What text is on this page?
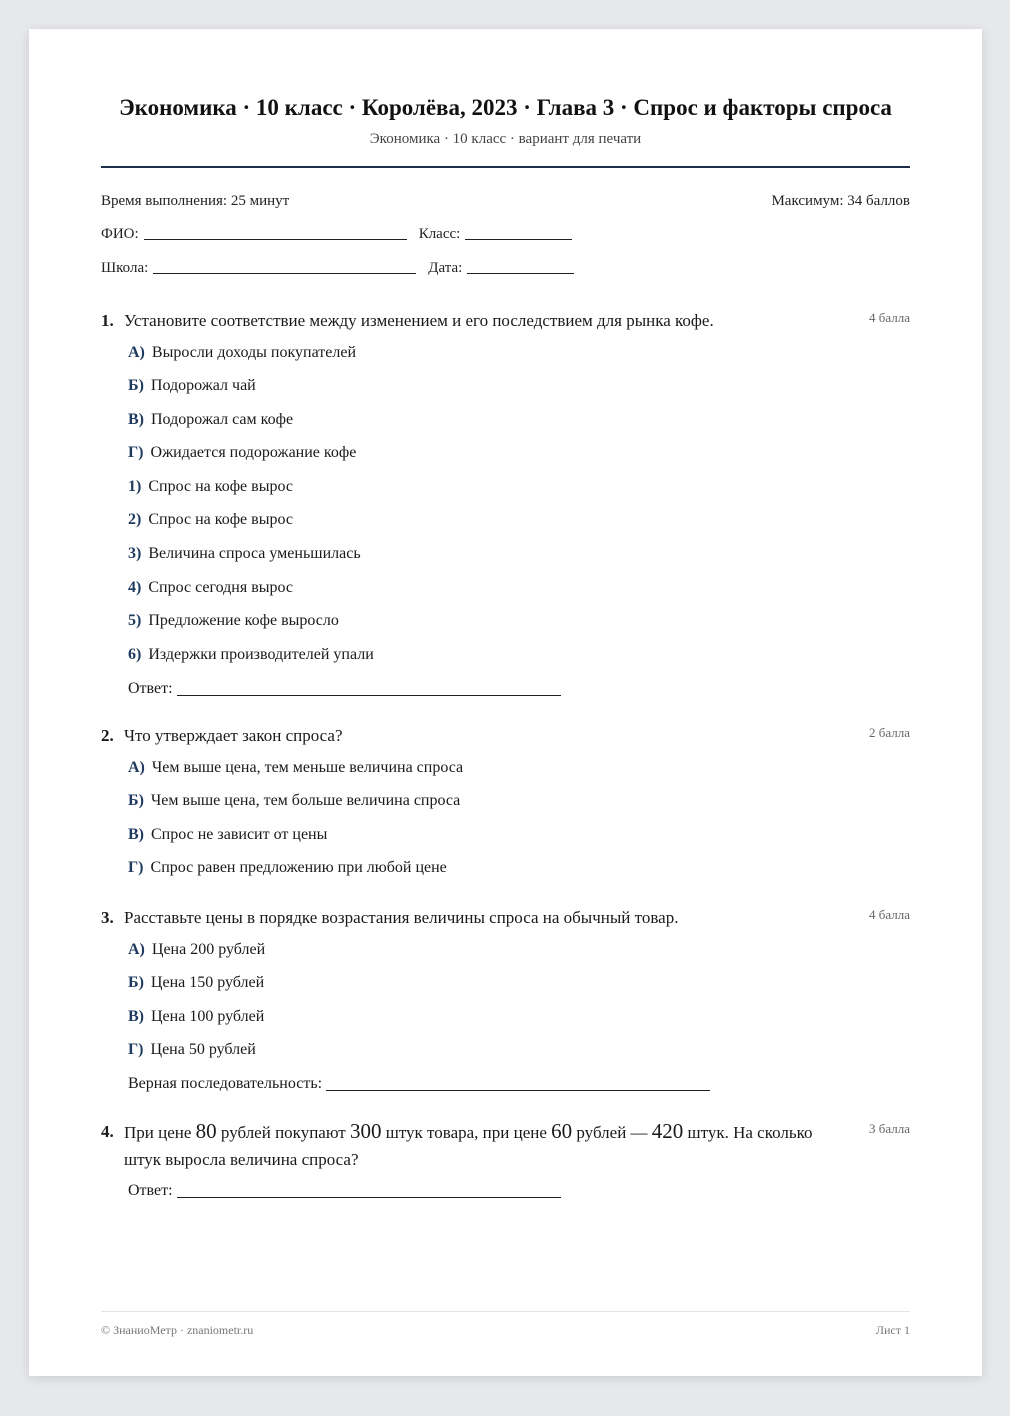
Экономика · 10 класс · Королёва, 2023 · Глава 3 · Спрос и факторы спроса
Экономика · 10 класс · вариант для печати
Время выполнения: 25 минут	Максимум: 34 баллов
ФИО:	Класс:
Школа:	Дата:
1. Установите соответствие между изменением и его последствием для рынка кофе.	4 балла
А) Выросли доходы покупателей
Б) Подорожал чай
В) Подорожал сам кофе
Г) Ожидается подорожание кофе
1) Спрос на кофе вырос
2) Спрос на кофе вырос
3) Величина спроса уменьшилась
4) Спрос сегодня вырос
5) Предложение кофе выросло
6) Издержки производителей упали
Ответ:
2. Что утверждает закон спроса?	2 балла
А) Чем выше цена, тем меньше величина спроса
Б) Чем выше цена, тем больше величина спроса
В) Спрос не зависит от цены
Г) Спрос равен предложению при любой цене
3. Расставьте цены в порядке возрастания величины спроса на обычный товар.	4 балла
А) Цена 200 рублей
Б) Цена 150 рублей
В) Цена 100 рублей
Г) Цена 50 рублей
Верная последовательность:
4. При цене 80 рублей покупают 300 штук товара, при цене 60 рублей — 420 штук. На сколько штук выросла величина спроса?
3 балла
Ответ:
© ЗнаниоМетр · znaniometr.ru	Лист 1
